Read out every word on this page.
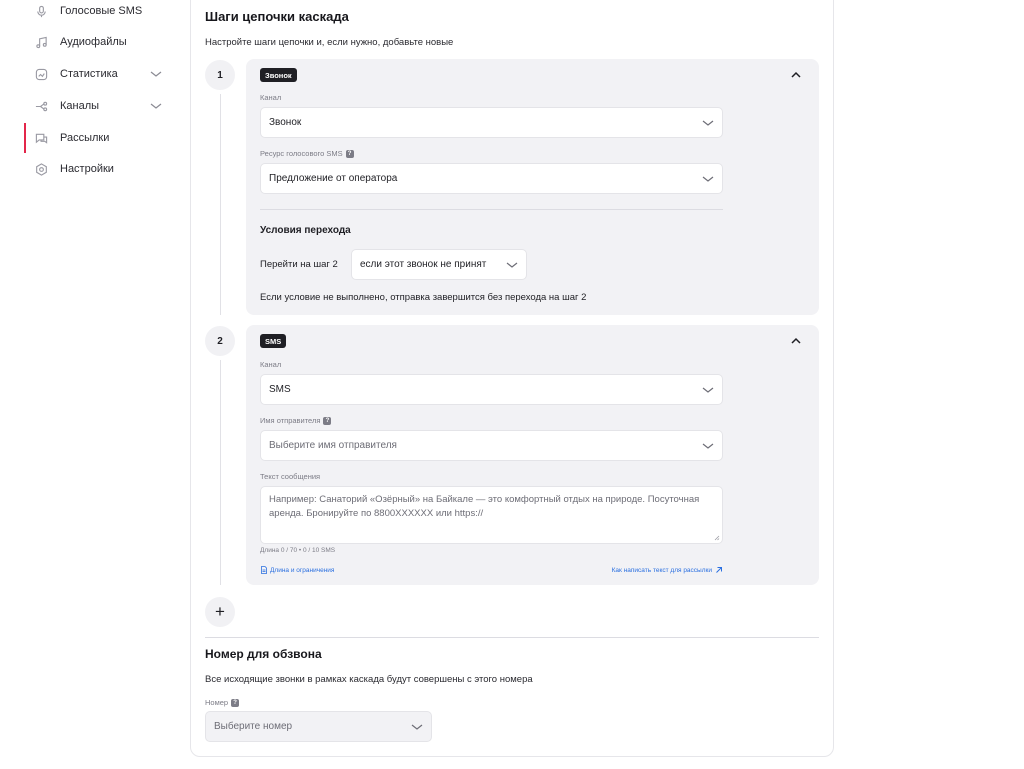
Голосовые SMS
Аудиофайлы
Статистика
Каналы
Рассылки
Настройки
Шаги цепочки каскада
Настройте шаги цепочки и, если нужно, добавьте новые
1	Звонок
Канал
Звонок
Ресурс голосового SMS ?
Предложение от оператора
Условия перехода
Перейти на шаг 2 если этот звонок не принят
Если условие не выполнено, отправка завершится без перехода на шаг 2
2	SMS
Канал
SMS
Имя отправителя ?
Выберите имя отправителя
Текст сообщения
Например: Санаторий «Озёрный» на Байкале — это комфортный отдых на природе. Посуточная аренда. Бронируйте по 8800XXXXXX или https://
Длина 0 / 70 • 0 / 10 SMS
Длина и ограничения	Как написать текст для рассылки
+
Номер для обзвона
Все исходящие звонки в рамках каскада будут совершены с этого номера
Номер ?
Выберите номер
